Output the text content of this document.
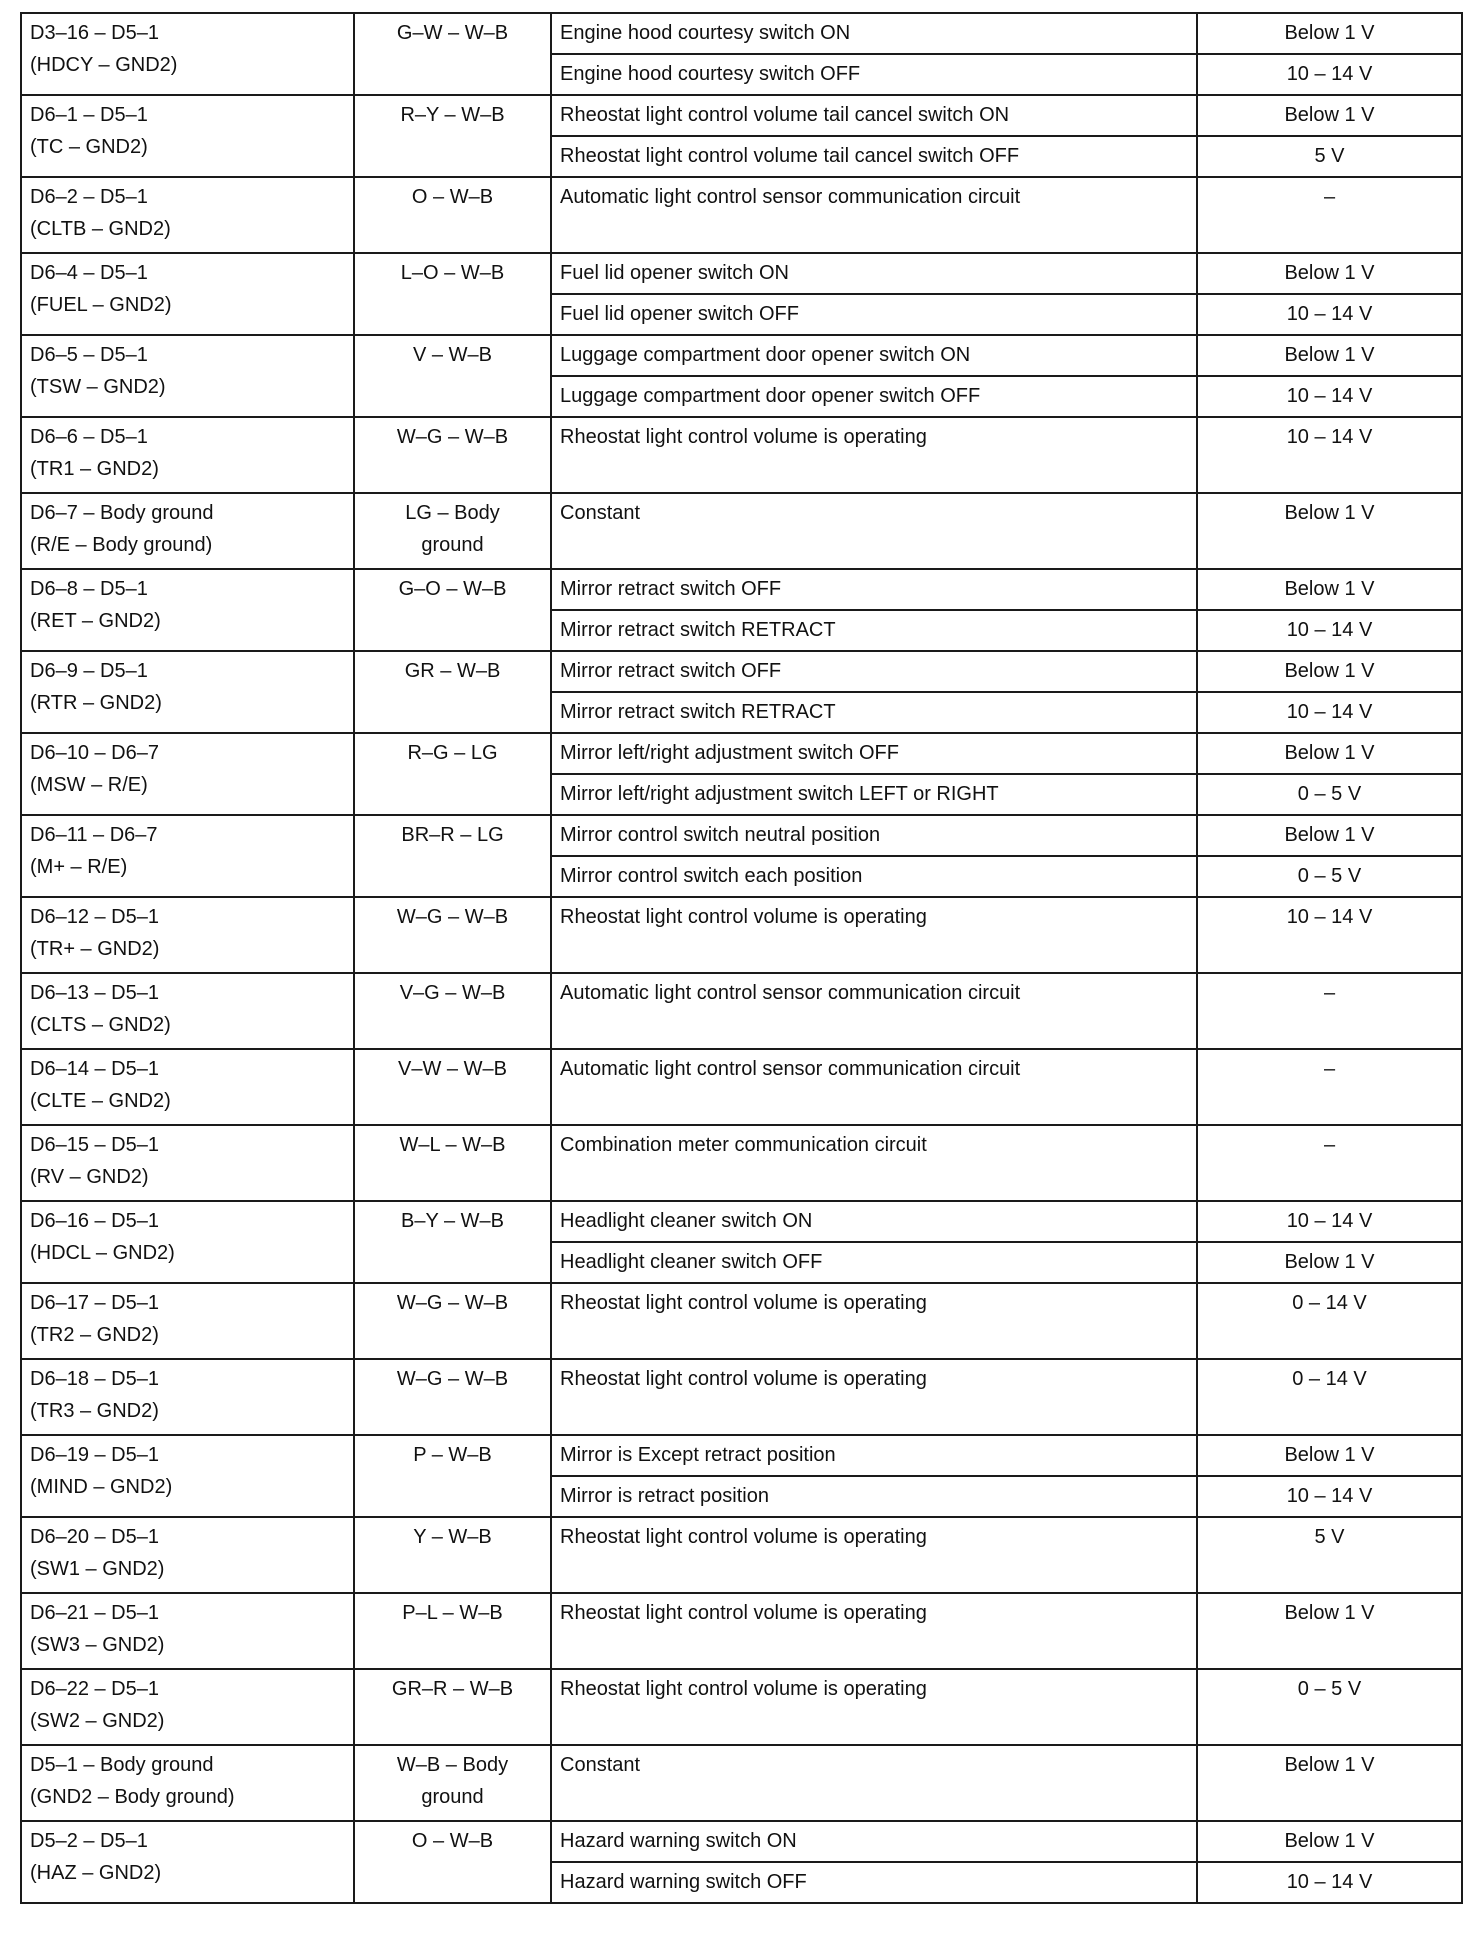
D3–16 – D5–1
(HDCY – GND2)	G–W – W–B	Engine hood courtesy switch ON	Below 1 V
		Engine hood courtesy switch OFF	10 – 14 V

D6–1 – D5–1
(TC – GND2)	R–Y – W–B	Rheostat light control volume tail cancel switch ON	Below 1 V
		Rheostat light control volume tail cancel switch OFF	5 V

D6–2 – D5–1
(CLTB – GND2)	O – W–B	Automatic light control sensor communication circuit	–

D6–4 – D5–1
(FUEL – GND2)	L–O – W–B	Fuel lid opener switch ON	Below 1 V
		Fuel lid opener switch OFF	10 – 14 V

D6–5 – D5–1
(TSW – GND2)	V – W–B	Luggage compartment door opener switch ON	Below 1 V
		Luggage compartment door opener switch OFF	10 – 14 V

D6–6 – D5–1
(TR1 – GND2)	W–G – W–B	Rheostat light control volume is operating	10 – 14 V

D6–7 – Body ground
(R/E – Body ground)	LG – Body
ground	Constant	Below 1 V

D6–8 – D5–1
(RET – GND2)	G–O – W–B	Mirror retract switch OFF	Below 1 V
		Mirror retract switch RETRACT	10 – 14 V

D6–9 – D5–1
(RTR – GND2)	GR – W–B	Mirror retract switch OFF	Below 1 V
		Mirror retract switch RETRACT	10 – 14 V

D6–10 – D6–7
(MSW – R/E)	R–G – LG	Mirror left/right adjustment switch OFF	Below 1 V
		Mirror left/right adjustment switch LEFT or RIGHT	0 – 5 V

D6–11 – D6–7
(M+ – R/E)	BR–R – LG	Mirror control switch neutral position	Below 1 V
		Mirror control switch each position	0 – 5 V

D6–12 – D5–1
(TR+ – GND2)	W–G – W–B	Rheostat light control volume is operating	10 – 14 V

D6–13 – D5–1
(CLTS – GND2)	V–G – W–B	Automatic light control sensor communication circuit	–

D6–14 – D5–1
(CLTE – GND2)	V–W – W–B	Automatic light control sensor communication circuit	–

D6–15 – D5–1
(RV – GND2)	W–L – W–B	Combination meter communication circuit	–

D6–16 – D5–1
(HDCL – GND2)	B–Y – W–B	Headlight cleaner switch ON	10 – 14 V
		Headlight cleaner switch OFF	Below 1 V

D6–17 – D5–1
(TR2 – GND2)	W–G – W–B	Rheostat light control volume is operating	0 – 14 V

D6–18 – D5–1
(TR3 – GND2)	W–G – W–B	Rheostat light control volume is operating	0 – 14 V

D6–19 – D5–1
(MIND – GND2)	P – W–B	Mirror is Except retract position	Below 1 V
		Mirror is retract position	10 – 14 V

D6–20 – D5–1
(SW1 – GND2)	Y – W–B	Rheostat light control volume is operating	5 V

D6–21 – D5–1
(SW3 – GND2)	P–L – W–B	Rheostat light control volume is operating	Below 1 V

D6–22 – D5–1
(SW2 – GND2)	GR–R – W–B	Rheostat light control volume is operating	0 – 5 V

D5–1 – Body ground
(GND2 – Body ground)	W–B – Body
ground	Constant	Below 1 V

D5–2 – D5–1
(HAZ – GND2)	O – W–B	Hazard warning switch ON	Below 1 V
		Hazard warning switch OFF	10 – 14 V
